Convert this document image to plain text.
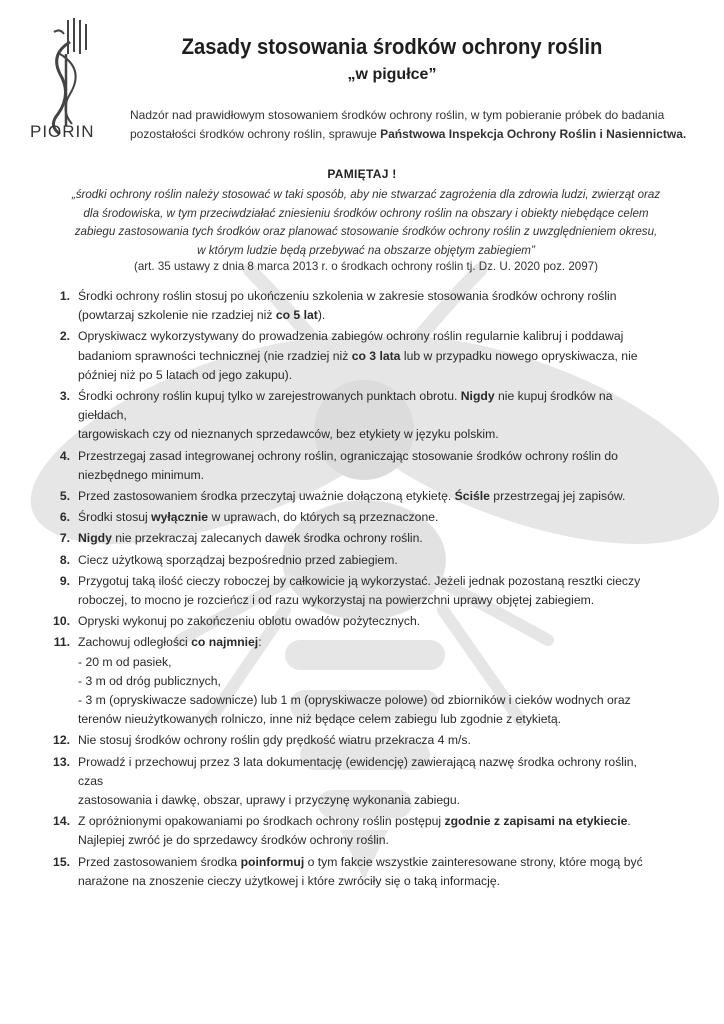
PIORIN
Zasady stosowania środków ochrony roślin
„w pigułce”
Nadzór nad prawidłowym stosowaniem środków ochrony roślin, w tym pobieranie próbek do badania pozostałości środków ochrony roślin, sprawuje Państwowa Inspekcja Ochrony Roślin i Nasiennictwa.
PAMIĘTAJ !
„środki ochrony roślin należy stosować w taki sposób, aby nie stwarzać zagrożenia dla zdrowia ludzi, zwierząt oraz
dla środowiska, w tym przeciwdziałać zniesieniu środków ochrony roślin na obszary i obiekty niebędące celem
zabiegu zastosowania tych środków oraz planować stosowanie środków ochrony roślin z uwzględnieniem okresu,
w którym ludzie będą przebywać na obszarze objętym zabiegiem”
(art. 35 ustawy z dnia 8 marca 2013 r. o środkach ochrony roślin tj. Dz. U. 2020 poz. 2097)
1. Środki ochrony roślin stosuj po ukończeniu szkolenia w zakresie stosowania środków ochrony roślin
(powtarzaj szkolenie nie rzadziej niż co 5 lat).
2. Opryskiwacz wykorzystywany do prowadzenia zabiegów ochrony roślin regularnie kalibruj i poddawaj
badaniom sprawności technicznej (nie rzadziej niż co 3 lata lub w przypadku nowego opryskiwacza, nie
później niż po 5 latach od jego zakupu).
3. Środki ochrony roślin kupuj tylko w zarejestrowanych punktach obrotu. Nigdy nie kupuj środków na giełdach,
targowiskach czy od nieznanych sprzedawców, bez etykiety w języku polskim.
4. Przestrzegaj zasad integrowanej ochrony roślin, ograniczając stosowanie środków ochrony roślin do
niezbędnego minimum.
5. Przed zastosowaniem środka przeczytaj uważnie dołączoną etykietę. Ściśle przestrzegaj jej zapisów.
6. Środki stosuj wyłącznie w uprawach, do których są przeznaczone.
7. Nigdy nie przekraczaj zalecanych dawek środka ochrony roślin.
8. Ciecz użytkową sporządzaj bezpośrednio przed zabiegiem.
9. Przygotuj taką ilość cieczy roboczej by całkowicie ją wykorzystać. Jeżeli jednak pozostaną resztki cieczy
roboczej, to mocno je rozcieńcz i od razu wykorzystaj na powierzchni uprawy objętej zabiegiem.
10. Opryski wykonuj po zakończeniu oblotu owadów pożytecznych.
11. Zachowuj odległości co najmniej:
- 20 m od pasiek,
- 3 m od dróg publicznych,
- 3 m (opryskiwacze sadownicze) lub 1 m (opryskiwacze polowe) od zbiorników i cieków wodnych oraz
terenów nieużytkowanych rolniczo, inne niż będące celem zabiegu lub zgodnie z etykietą.
12. Nie stosuj środków ochrony roślin gdy prędkość wiatru przekracza 4 m/s.
13. Prowadź i przechowuj przez 3 lata dokumentację (ewidencję) zawierającą nazwę środka ochrony roślin, czas
zastosowania i dawkę, obszar, uprawy i przyczynę wykonania zabiegu.
14. Z opróżnionymi opakowaniami po środkach ochrony roślin postępuj zgodnie z zapisami na etykiecie.
Najlepiej zwróć je do sprzedawcy środków ochrony roślin.
15. Przed zastosowaniem środka poinformuj o tym fakcie wszystkie zainteresowane strony, które mogą być
narażone na znoszenie cieczy użytkowej i które zwróciły się o taką informację.
